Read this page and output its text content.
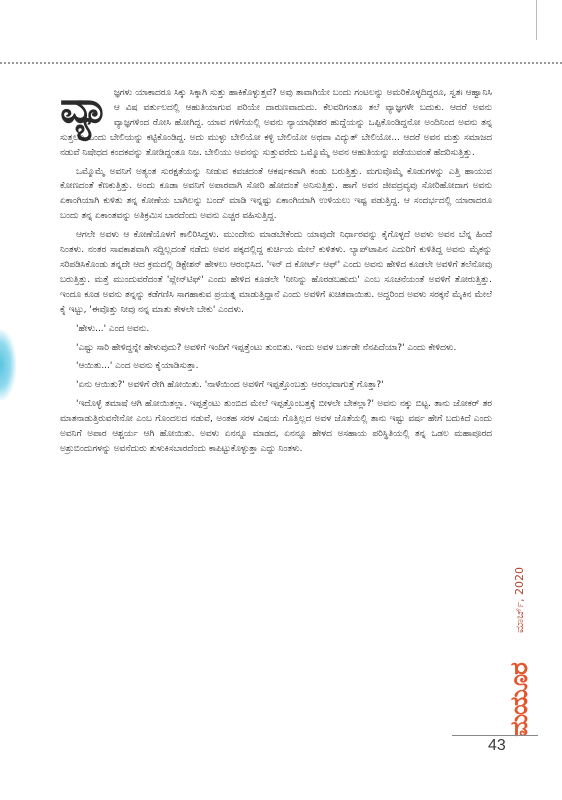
ವ್ಯಾ ಜ್ಞಗಳು ಯಾಕಾದರೂ ಸಿಕ್ಕು ಸಿಕ್ಕಾಗಿ ಸುತ್ತು ಹಾಕಿಕೊಳ್ಳುತ್ತವೆ? ಅವು ತಾವಾಗಿಯೇ ಬಂದು ಗಂಟಲನ್ನು ಅಮರಿಕೊಳ್ಳದಿದ್ದರೂ, ಸ್ವತಃ ಆಹ್ವಾನಿಸಿ ಆ ವಿಷ ವರ್ತುಲದಲ್ಲಿ ಆಹುತಿಯಾಗುವ ಪರಿಯೇ ದಾರುಣವಾದುದು. ಕೆಲವರಿಗಂತೂ ತಲೆ ವ್ಯಾಜ್ಞಗಳೇ ಬದುಕು. ಆದರೆ ಅವನು ವ್ಯಾಜ್ಞಗಳಿಂದ ರೋಸಿ ಹೋಗಿದ್ದ. ಯಾವ ಗಳಿಗೆಯಲ್ಲಿ ಅವನು ನ್ಯಾಯಾಧೀಶರ ಹುದ್ದೆಯನ್ನು ಒಪ್ಪಿಕೊಂಡಿದ್ದನೋ ಅಂದಿನಿಂದ ಅವನು ತನ್ನ ಸುತ್ತಲೂ ಒಂದು ಬೇಲಿಯನ್ನು ಕಟ್ಟಿಕೊಂಡಿದ್ದ. ಅದು ಮುಳ್ಳು ಬೇಲಿಯೋ ಕಳ್ಳಿ ಬೇಲಿಯೋ ಅಥವಾ ವಿದ್ಯುತ್ ಬೇಲಿಯೋ... ಆದರೆ ಅವನ ಮತ್ತು ಸಮಾಜದ ನಡುವೆ ನಿಷೇಧದ ಕಂದಕವನ್ನು ತೋಡಿದ್ದಂತೂ ನಿಜ. ಬೇಲಿಯು ಅವನನ್ನು ಸುತ್ತುವರೆದು ಒಮ್ಮೊಮ್ಮೆ ಅವನ ಆಹುತಿಯನ್ನು ಪಡೆಯುವಂತೆ ಹೆದರಿಸುತ್ತಿತ್ತು.

ಒಮ್ಮೊಮ್ಮೆ ಅವನಿಗೆ ಅತ್ಯಂತ ಸುರಕ್ಷತೆಯನ್ನು ನೀಡುವ ಕವಚದಂತೆ ಆಕರ್ಷಕವಾಗಿ ಕಂಡು ಬರುತ್ತಿತ್ತು. ಮಗುವೊಮ್ಮೆ ಕೊಡುಗಳನ್ನು ಎತ್ತಿ ಹಾಯುವ ಕೋಣದಂತೆ ಕೆಣಕುತ್ತಿತ್ತು. ಅಂದು ಕೂಡಾ ಅವನಿಗೆ ಅಪಾರವಾಗಿ ಸೋರಿ ಹೋದಂತೆ ಅನಿಸುತ್ತಿತ್ತು. ಹಾಗೆ ಅವನ ಜೀವದ್ರವ್ಯವು ಸೋರಿಹೋದಾಗ ಅವನು ಏಕಾಂಗಿಯಾಗಿ ಕುಳಿತು ತನ್ನ ಕೋಣೆಯ ಬಾಗಿಲನ್ನು ಬಂದ್ ಮಾಡಿ ಇನ್ನಷ್ಟು ಏಕಾಂಗಿಯಾಗಿ ಉಳಿಯಲು ಇಷ್ಟ ಪಡುತ್ತಿದ್ದ. ಆ ಸಂದರ್ಭದಲ್ಲಿ ಯಾರಾದರೂ ಬಂದು ತನ್ನ ಏಕಾಂತವನ್ನು ಅತಿಕ್ರಮಿಸ ಬಾರದೆಂದು ಅವನು ಎಚ್ಚರ ವಹಿಸುತ್ತಿದ್ದ.

ಆಗಲೇ ಅವಳು ಆ ಕೋಣೆಯೊಳಗೆ ಕಾಲಿರಿಸಿದ್ದಳು. ಮುಂದೇನು ಮಾಡಬೇಕೆಂದು ಯಾವುದೇ ನಿರ್ಧಾರವನ್ನು ಕೈಗೊಳ್ಳದೆ ಅವಳು ಅವನ ಬೆನ್ನ ಹಿಂದೆ ನಿಂತಳು. ನಂತರ ಸಾವಕಾಶವಾಗಿ ಸದ್ದಿಲ್ಲದಂತೆ ನಡೆದು ಅವನ ಪಕ್ಕದಲ್ಲಿದ್ದ ಕುರ್ಚಿಯ ಮೇಲೆ ಕುಳಿತಳು. ಲ್ಯಾಪ್‌ಟಾಪಿನ ಎದುರಿಗೆ ಕುಳಿತಿದ್ದ ಅವನು ಮೈಕನ್ನು ಸರಿಪಡಿಸಿಕೊಂಡು ತನ್ನದೇ ಆದ ಕ್ರಮದಲ್ಲಿ ಡಿಕ್ಟೇಶನ್ ಹೇಳಲು ಆರಂಭಿಸಿದ. 'ಇನ್ ದ ಕೋರ್ಟ್ ಆಫ್' ಎಂದು ಅವನು ಹೇಳಿದ ಕೂಡಲೇ ಅವಳಿಗೆ ತಲೆನೋವು ಬರುತ್ತಿತ್ತು. ಮತ್ತೆ ಮುಂದುವರೆದಂತೆ 'ಪ್ಲೇನ್‌ಟಿಫ್' ಎಂದು ಹೇಳಿದ ಕೂಡಲೇ 'ನೀನಿನ್ನು ಹೊರಡಬಹುದು' ಎಂಬ ಸೂಚನೆಯಂತೆ ಅವಳಿಗೆ ತೋರುತ್ತಿತ್ತು. ಇಂದೂ ಕೂಡ ಅವನು ತನ್ನನ್ನು ಕಡೆಗಣಿಸಿ ಸಾಗಹಾಕುವ ಪ್ರಯತ್ನ ಮಾಡುತ್ತಿದ್ದಾನೆ ಎಂದು ಅವಳಿಗೆ ಖಚಿತವಾಯಿತು. ಅದ್ದರಿಂದ ಅವಳು ಸರಕ್ಕನೆ ಮೈಕಿನ ಮೇಲೆ ಕೈ ಇಟ್ಟು, 'ಈವೊತ್ತು ನೀವು ನನ್ನ ಮಾತು ಕೇಳಲೇ ಬೇಕು' ಎಂದಳು.

'ಹೇಳು...' ಎಂದ ಅವನು.

'ಎಷ್ಟು ಸಾರಿ ಹೇಳಿದ್ದನ್ನೇ ಹೇಳುವುದು? ಅವಳಿಗೆ ಇಂದಿಗೆ ಇಪ್ಪತ್ತೆಂಟು ತುಂಬಿತು. ಇಂದು ಅವಳ ಬರ್ತಡೇ ನೆನಪಿದೆಯಾ?' ಎಂದು ಕೇಳಿದಳು.

'ಆಯಿತು...' ಎಂದ ಅವನು ಕೈಯಾಡಿಸುತ್ತಾ.

'ಏನು ಆಯಿತು?' ಅವಳಿಗೆ ರೇಗಿ ಹೋಯಿತು. 'ನಾಳೆಯಿಂದ ಅವಳಿಗೆ ಇಪ್ಪತ್ತೊಂಬತ್ತು ಆರಂಭವಾಗುತ್ತೆ ಗೊತ್ತಾ?'

'ಇದೊಳ್ಳೆ ತಮಾಷೆ ಆಗಿ ಹೋಯಿತಲ್ಲಾ. ಇಪ್ಪತ್ತೆಂಟು ತುಂಬಿದ ಮೇಲೆ ಇಪ್ಪತ್ತೊಂಬತ್ತಕ್ಕೆ ಬೀಳಲೇ ಬೇಕಲ್ಲಾ?' ಅವನು ನಕ್ಕು ಬಿಟ್ಟ. ತಾನು ಜೋಕರ್ ತರ ಮಾತನಾಡುತ್ತಿರುವನೇನೋ ಎಂಬ ಗೊಂದಲದ ನಡುವೆ, ಅಂತಹ ಸರಳ ವಿಷಯ ಗೊತ್ತಿಲ್ಲದ ಅವಳ ಜೊತೆಯಲ್ಲಿ ತಾನು ಇಷ್ಟು ವರ್ಷ ಹೇಗೆ ಬದುಕಿದೆ ಎಂದು ಅವನಿಗೆ ಅಪಾರ ಆಶ್ಚರ್ಯ ಆಗಿ ಹೋಯಿತು. ಅವಳು ಏನನ್ನೂ ಮಾಡದ, ಏನನ್ನೂ ಹೇಳದ ಅಸಹಾಯ ಪರಿಸ್ಥಿತಿಯಲ್ಲಿ ತನ್ನ ಒಡಲ ಮಹಾಪೂರದ ಅಶ್ರುಬಿಂದುಗಳನ್ನು ಅವನೆದುರು ತುಳುಕಿಸಬಾರದೆಂದು ಕಾಪಿಟ್ಟುಕೊಳ್ಳುತ್ತಾ ಎದ್ದು ನಿಂತಳು.

ಮಾರ್ಚ್, 2020
ಮಯೂರ
43
